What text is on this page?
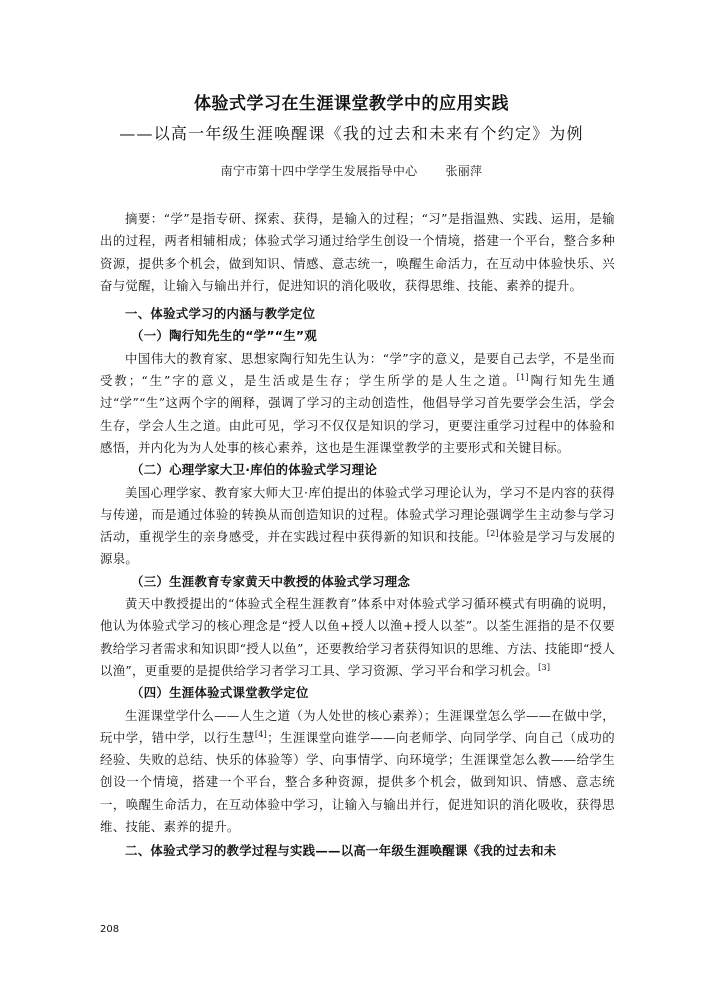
体验式学习在生涯课堂教学中的应用实践
——以高一年级生涯唤醒课《我的过去和未来有个约定》为例
南宁市第十四中学学生发展指导中心 张丽萍

摘要：“学”是指专研、探索、获得，是输入的过程；“习”是指温熟、实践、运用，是输出的过程，两者相辅相成；体验式学习通过给学生创设一个情境，搭建一个平台，整合多种资源，提供多个机会，做到知识、情感、意志统一，唤醒生命活力，在互动中体验快乐、兴奋与觉醒，让输入与输出并行，促进知识的消化吸收，获得思维、技能、素养的提升。

一、体验式学习的内涵与教学定位
（一）陶行知先生的“学”“生”观

中国伟大的教育家、思想家陶行知先生认为：“学”字的意义，是要自己去学，不是坐而受教；“生”字的意义，是生活或是生存；学生所学的是人生之道。[1]陶行知先生通过“学”“生”这两个字的阐释，强调了学习的主动创造性，他倡导学习首先要学会生活，学会生存，学会人生之道。由此可见，学习不仅仅是知识的学习，更要注重学习过程中的体验和感悟，并内化为为人处事的核心素养，这也是生涯课堂教学的主要形式和关键目标。

（二）心理学家大卫·库伯的体验式学习理论

美国心理学家、教育家大师大卫·库伯提出的体验式学习理论认为，学习不是内容的获得与传递，而是通过体验的转换从而创造知识的过程。体验式学习理论强调学生主动参与学习活动，重视学生的亲身感受，并在实践过程中获得新的知识和技能。[2]体验是学习与发展的源泉。

（三）生涯教育专家黄天中教授的体验式学习理念

黄天中教授提出的“体验式全程生涯教育”体系中对体验式学习循环模式有明确的说明，他认为体验式学习的核心理念是“授人以鱼+授人以渔+授人以荃”。以荃生涯指的是不仅要教给学习者需求和知识即“授人以鱼”，还要教给学习者获得知识的思维、方法、技能即“授人以渔”，更重要的是提供给学习者学习工具、学习资源、学习平台和学习机会。[3]

（四）生涯体验式课堂教学定位

生涯课堂学什么——人生之道（为人处世的核心素养）；生涯课堂怎么学——在做中学，玩中学，错中学，以行生慧[4]；生涯课堂向谁学——向老师学、向同学学、向自己（成功的经验、失败的总结、快乐的体验等）学、向事情学、向环境学；生涯课堂怎么教——给学生创设一个情境，搭建一个平台，整合多种资源，提供多个机会，做到知识、情感、意志统一，唤醒生命活力，在互动体验中学习，让输入与输出并行，促进知识的消化吸收，获得思维、技能、素养的提升。

二、体验式学习的教学过程与实践——以高一年级生涯唤醒课《我的过去和未
208
